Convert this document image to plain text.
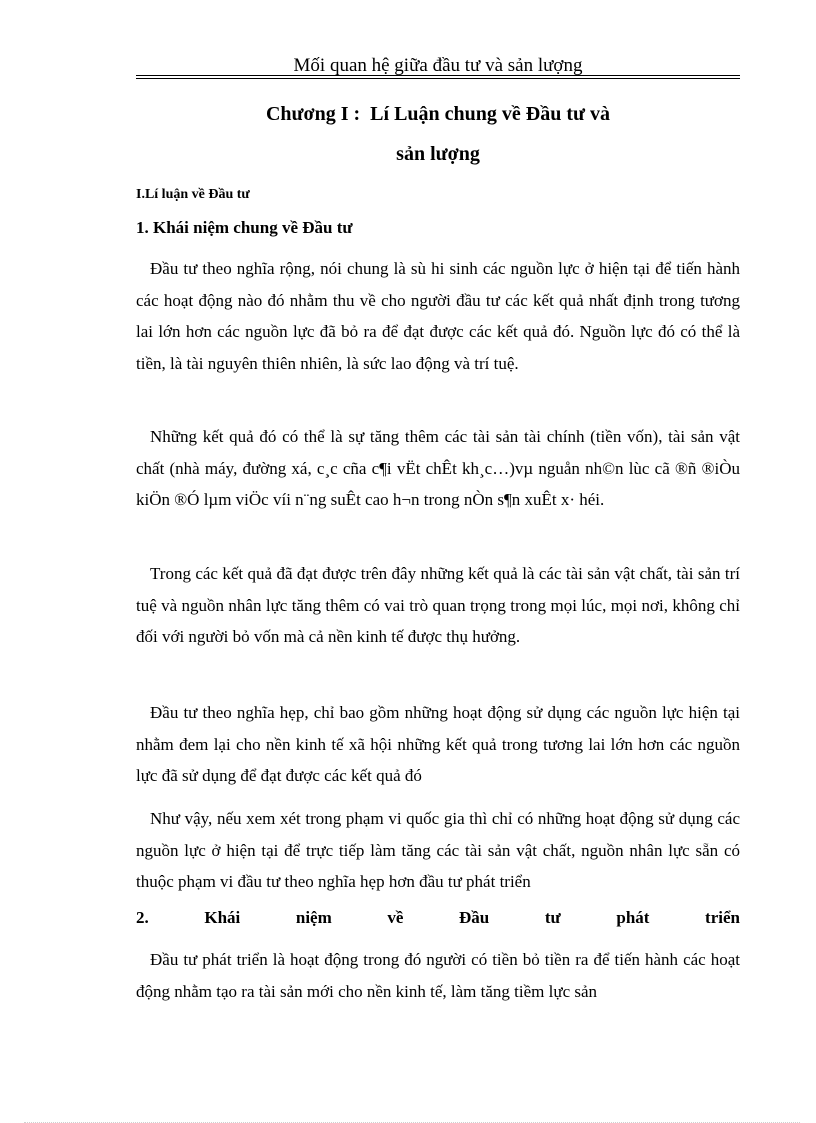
Mối quan hệ giữa đầu tư và sản lượng
Chương I :  Lí Luận chung về Đầu tư và
sản lượng
I.Lí luận về Đầu tư
1. Khái niệm chung về Đầu tư

Đầu tư theo nghĩa rộng, nói chung là sù hi sinh các nguồn lực ở hiện tại để tiến hành các hoạt động nào đó nhằm thu về cho người đầu tư các kết quả nhất định trong tương lai lớn hơn các nguồn lực đã bỏ ra để đạt được các kết quả đó. Nguồn lực đó có thể là tiền, là tài nguyên thiên nhiên, là sức lao động và trí tuệ.

Những kết quả đó có thể là sự tăng thêm các tài sản tài chính (tiền vốn), tài sản vật chất (nhà máy, đường xá, c¸c cña c¶i vËt chÊt kh¸c…)vµ nguån nh©n lùc cã ®ñ ®iÒu kiÖn ®Ó lµm viÖc víi n¨ng suÊt cao h¬n trong nÒn s¶n xuÊt x· héi.

Trong các kết quả đã đạt được trên đây những kết quả là các tài sản vật chất, tài sản trí tuệ và nguồn nhân lực tăng thêm có vai trò quan trọng trong mọi lúc, mọi nơi, không chỉ đối với người bỏ vốn mà cả nền kinh tế được thụ hưởng.

Đầu tư theo nghĩa hẹp, chỉ bao gồm những hoạt động sử dụng các nguồn lực hiện tại nhằm đem lại cho nền kinh tế xã hội những kết quả trong tương lai lớn hơn các nguồn lực đã sử dụng để đạt được các kết quả đó

Như vậy, nếu xem xét trong phạm vi quốc gia thì chỉ có những hoạt động sử dụng các nguồn lực ở hiện tại để trực tiếp làm tăng các tài sản vật chất, nguồn nhân lực sẵn có thuộc phạm vi đầu tư theo nghĩa hẹp hơn đầu tư phát triển

2.	Khái	niệm	về	Đầu	tư	phát	triển

Đầu tư phát triển là hoạt động trong đó người có tiền bỏ tiền ra để tiến hành các hoạt động nhằm tạo ra tài sản mới cho nền kinh tế, làm tăng tiềm lực sản
